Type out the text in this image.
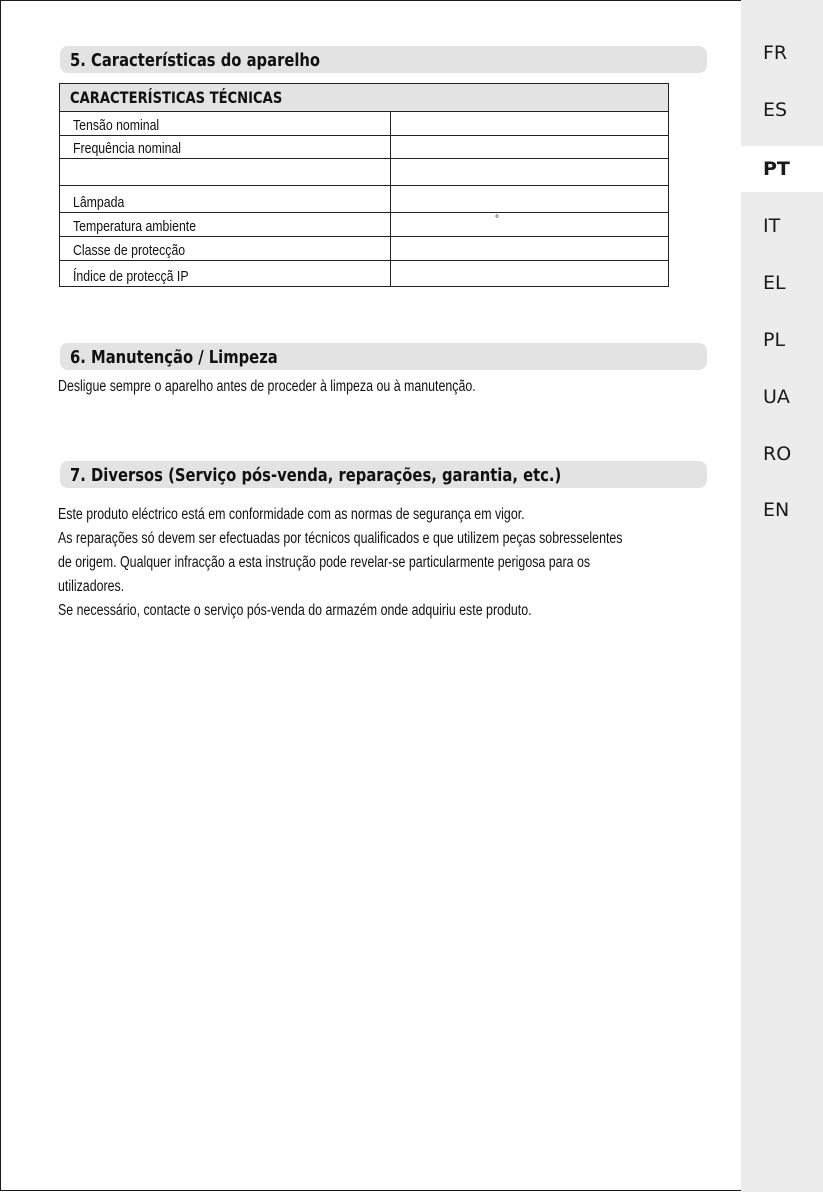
FR
ES
PT
IT
EL
PL
UA
RO
EN
5. Características do aparelho
CARACTERÍSTICAS TÉCNICAS
Tensão nominal
Frequência nominal
Lâmpada
Temperatura ambiente	°
Classe de protecção
Índice de protecçã IP
6. Manutenção / Limpeza
Desligue sempre o aparelho antes de proceder à limpeza ou à manutenção.
7. Diversos (Serviço pós-venda, reparações, garantia, etc.)
Este produto eléctrico está em conformidade com as normas de segurança em vigor.
As reparações só devem ser efectuadas por técnicos qualificados e que utilizem peças sobresselentes
de origem. Qualquer infracção a esta instrução pode revelar-se particularmente perigosa para os
utilizadores.
Se necessário, contacte o serviço pós-venda do armazém onde adquiriu este produto.
